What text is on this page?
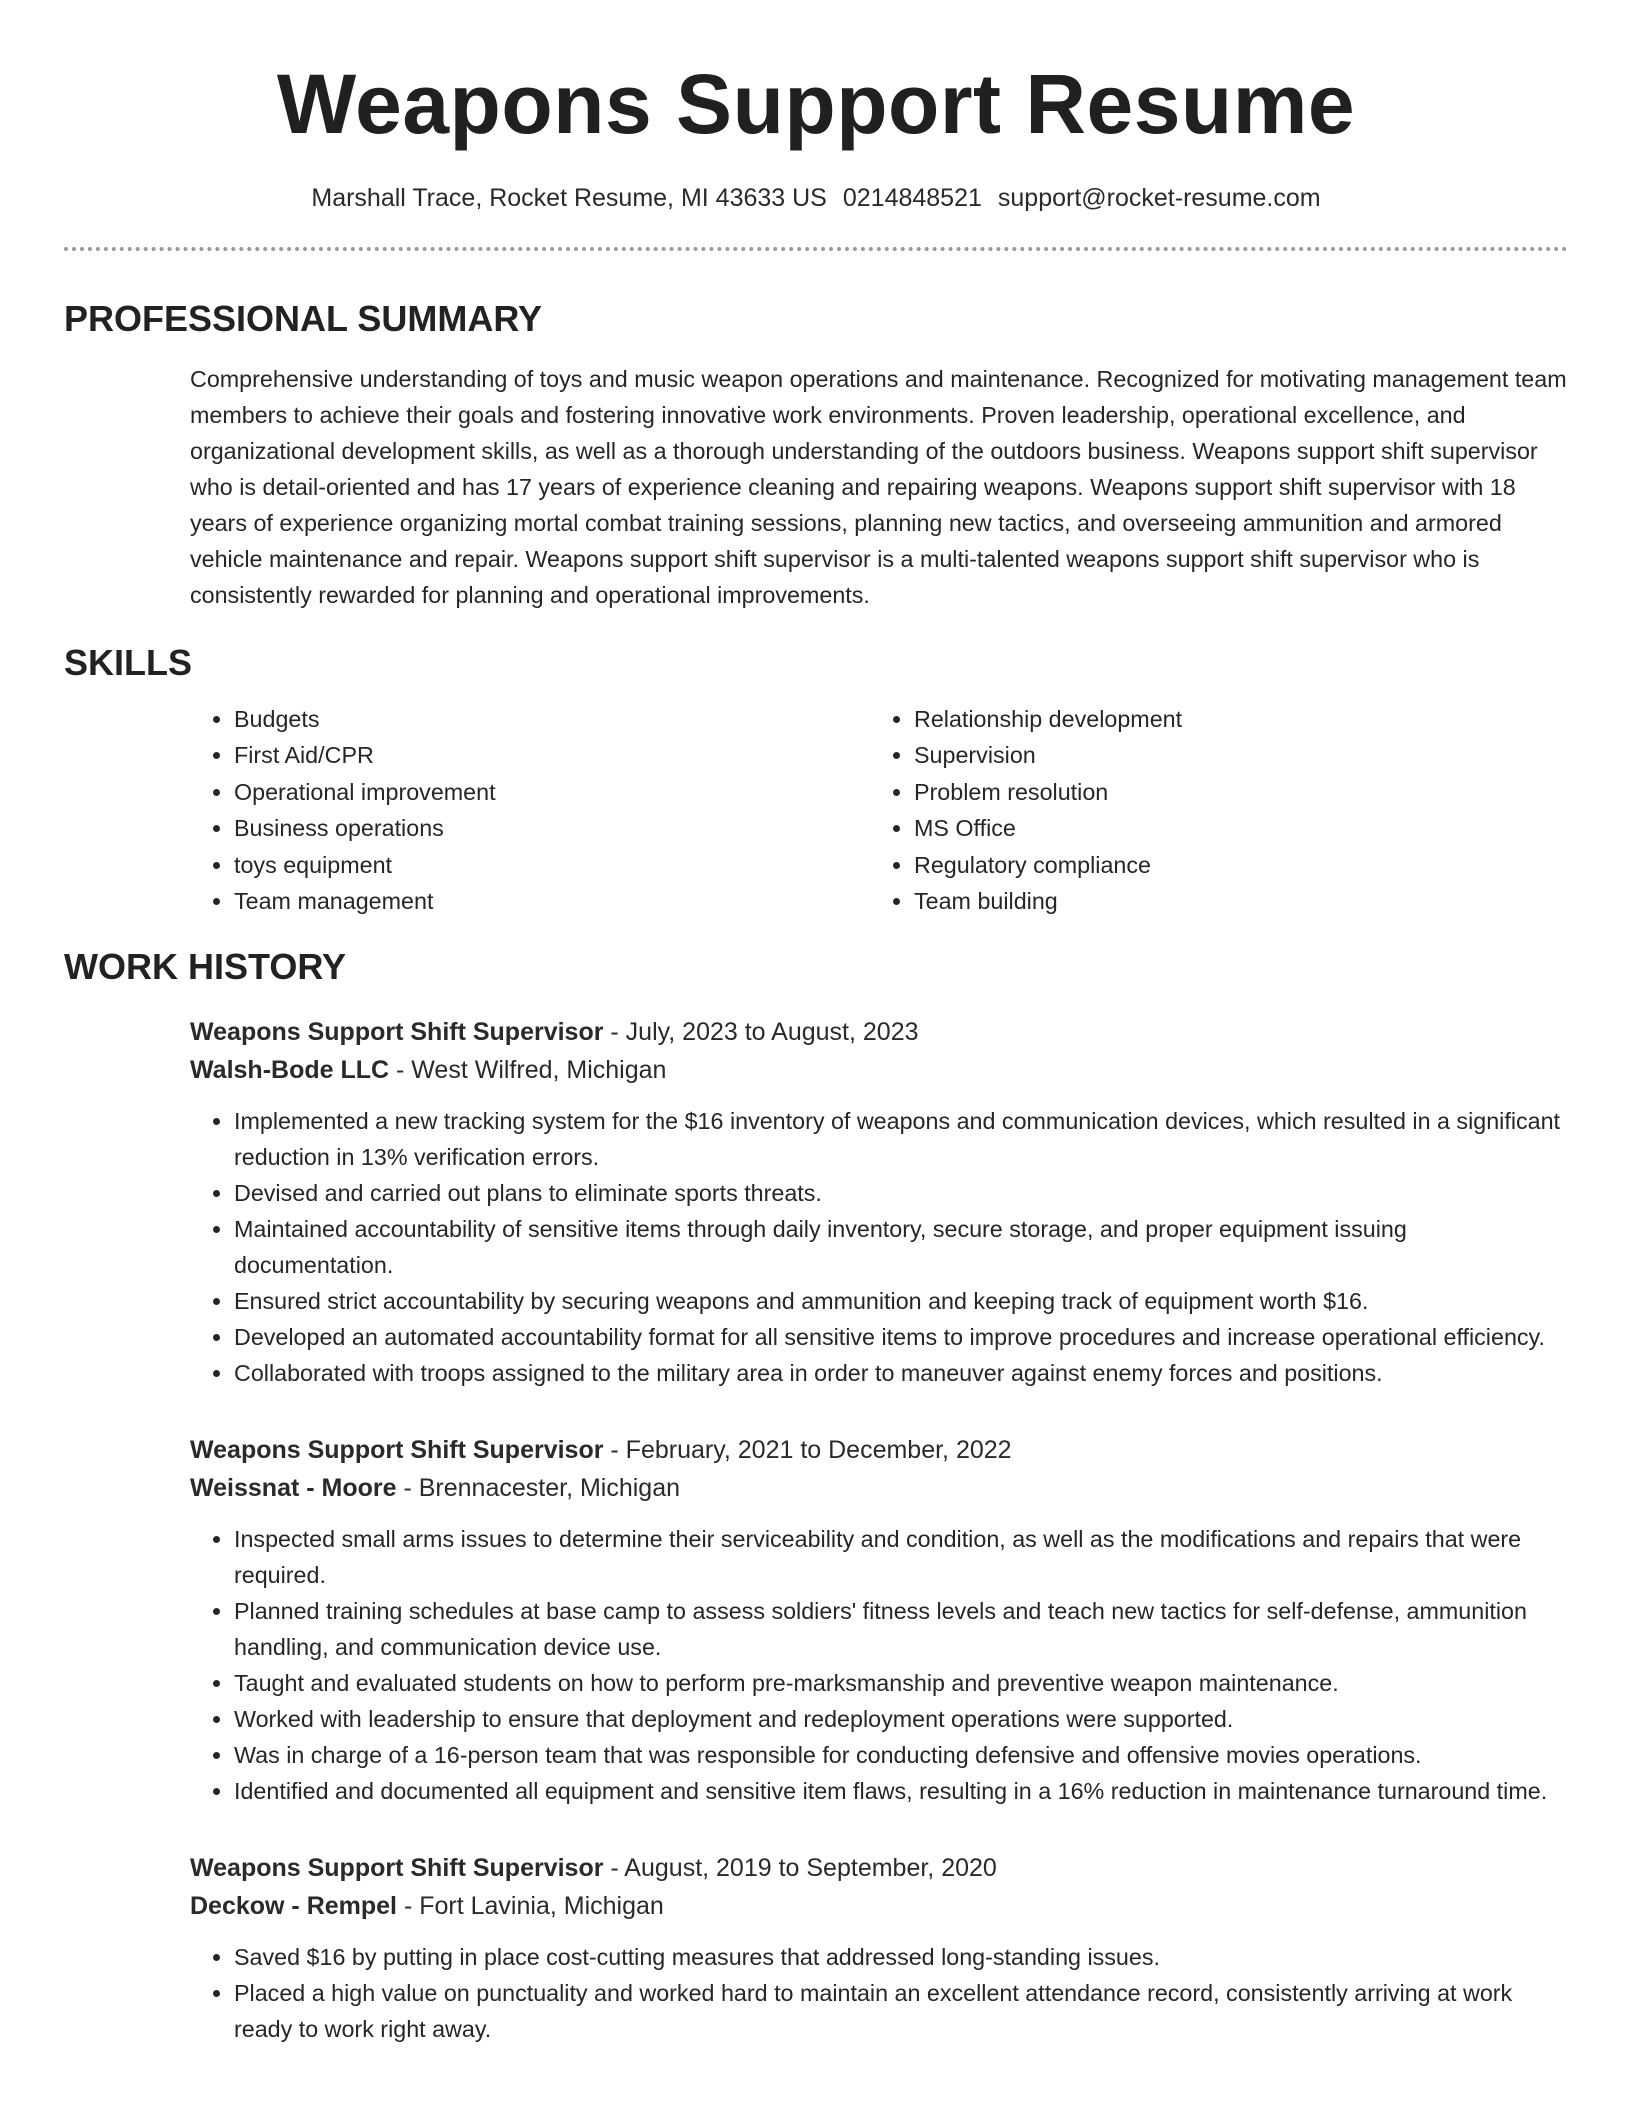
Weapons Support Resume
Marshall Trace, Rocket Resume, MI 43633 US 0214848521 support@rocket-resume.com
PROFESSIONAL SUMMARY
Comprehensive understanding of toys and music weapon operations and maintenance. Recognized for motivating management team members to achieve their goals and fostering innovative work environments. Proven leadership, operational excellence, and organizational development skills, as well as a thorough understanding of the outdoors business. Weapons support shift supervisor who is detail-oriented and has 17 years of experience cleaning and repairing weapons. Weapons support shift supervisor with 18 years of experience organizing mortal combat training sessions, planning new tactics, and overseeing ammunition and armored vehicle maintenance and repair. Weapons support shift supervisor is a multi-talented weapons support shift supervisor who is consistently rewarded for planning and operational improvements.
SKILLS
• Budgets
• First Aid/CPR
• Operational improvement
• Business operations
• toys equipment
• Team management
• Relationship development
• Supervision
• Problem resolution
• MS Office
• Regulatory compliance
• Team building
WORK HISTORY
Weapons Support Shift Supervisor - July, 2023 to August, 2023
Walsh-Bode LLC - West Wilfred, Michigan
• Implemented a new tracking system for the $16 inventory of weapons and communication devices, which resulted in a significant reduction in 13% verification errors.
• Devised and carried out plans to eliminate sports threats.
• Maintained accountability of sensitive items through daily inventory, secure storage, and proper equipment issuing documentation.
• Ensured strict accountability by securing weapons and ammunition and keeping track of equipment worth $16.
• Developed an automated accountability format for all sensitive items to improve procedures and increase operational efficiency.
• Collaborated with troops assigned to the military area in order to maneuver against enemy forces and positions.
Weapons Support Shift Supervisor - February, 2021 to December, 2022
Weissnat - Moore - Brennacester, Michigan
• Inspected small arms issues to determine their serviceability and condition, as well as the modifications and repairs that were required.
• Planned training schedules at base camp to assess soldiers' fitness levels and teach new tactics for self-defense, ammunition handling, and communication device use.
• Taught and evaluated students on how to perform pre-marksmanship and preventive weapon maintenance.
• Worked with leadership to ensure that deployment and redeployment operations were supported.
• Was in charge of a 16-person team that was responsible for conducting defensive and offensive movies operations.
• Identified and documented all equipment and sensitive item flaws, resulting in a 16% reduction in maintenance turnaround time.
Weapons Support Shift Supervisor - August, 2019 to September, 2020
Deckow - Rempel - Fort Lavinia, Michigan
• Saved $16 by putting in place cost-cutting measures that addressed long-standing issues.
• Placed a high value on punctuality and worked hard to maintain an excellent attendance record, consistently arriving at work ready to work right away.
